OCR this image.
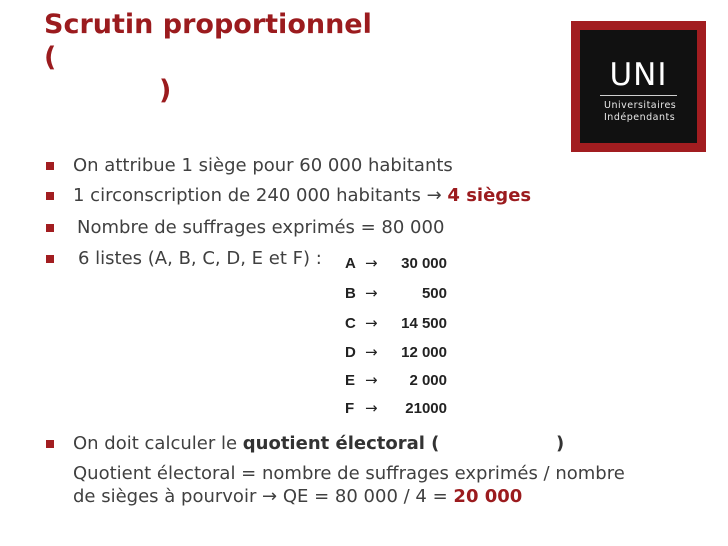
Scrutin proportionnel
(
)	UNI
Universitaires
Indépendants
On attribue 1 siège pour 60 000 habitants
1 circonscription de 240 000 habitants → 4 sièges
Nombre de suffrages exprimés = 80 000
6 listes (A, B, C, D, E et F) : A → 30 000
B →	500
C → 14 500
D → 12 000
E → 2 000
F → 21000
On doit calculer le quotient électoral (	)
Quotient électoral = nombre de suffrages exprimés / nombre
de sièges à pourvoir → QE = 80 000 / 4 = 20 000
